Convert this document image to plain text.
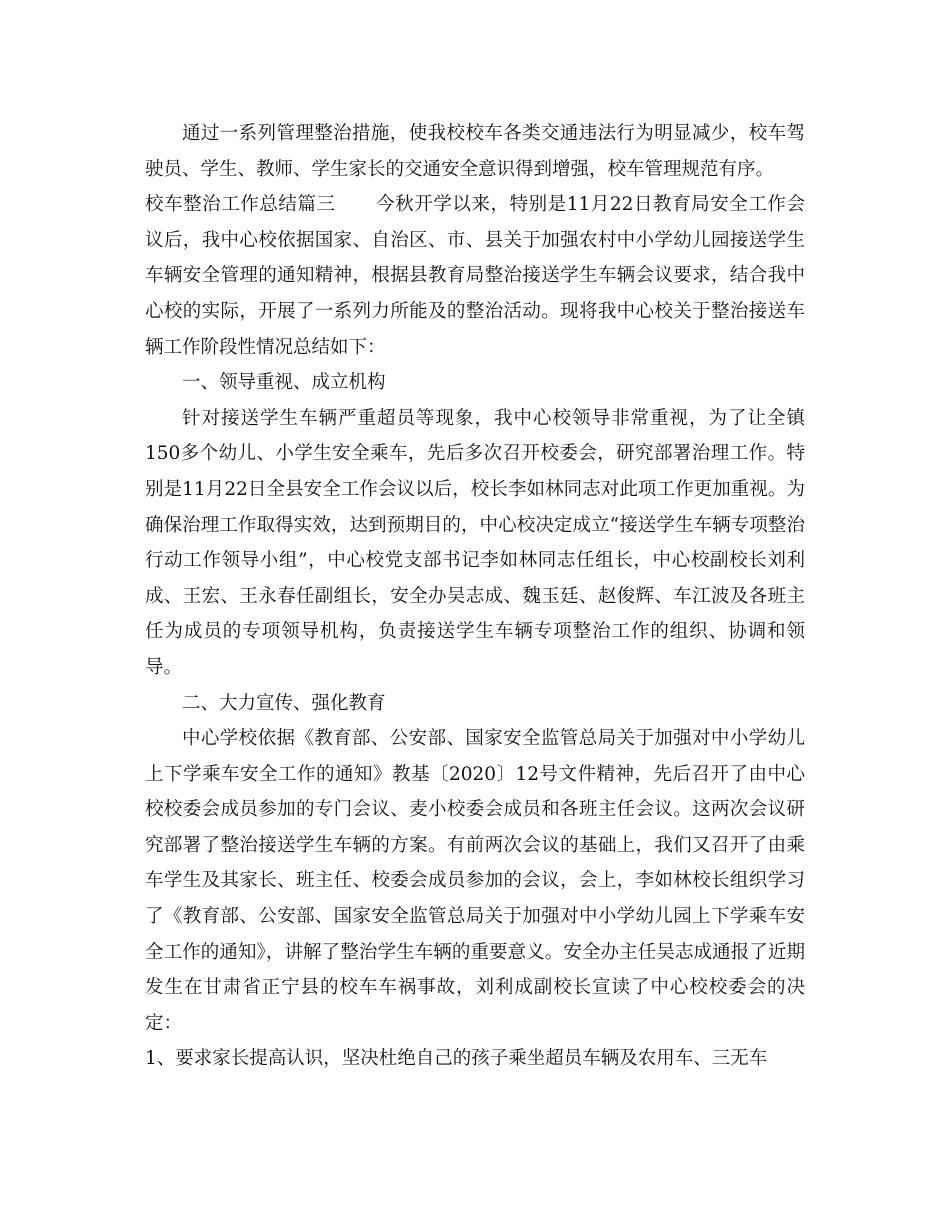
通过一系列管理整治措施，使我校校车各类交通违法行为明显减少，校车驾驶员、学生、教师、学生家长的交通安全意识得到增强，校车管理规范有序。

校车整治工作总结篇三 今秋开学以来，特别是11月22日教育局安全工作会议后，我中心校依据国家、自治区、市、县关于加强农村中小学幼儿园接送学生车辆安全管理的通知精神，根据县教育局整治接送学生车辆会议要求，结合我中心校的实际，开展了一系列力所能及的整治活动。现将我中心校关于整治接送车辆工作阶段性情况总结如下：

一、领导重视、成立机构

针对接送学生车辆严重超员等现象，我中心校领导非常重视，为了让全镇150多个幼儿、小学生安全乘车，先后多次召开校委会，研究部署治理工作。特别是11月22日全县安全工作会议以后，校长李如林同志对此项工作更加重视。为确保治理工作取得实效，达到预期目的，中心校决定成立“接送学生车辆专项整治行动工作领导小组”，中心校党支部书记李如林同志任组长，中心校副校长刘利成、王宏、王永春任副组长，安全办吴志成、魏玉廷、赵俊辉、车江波及各班主任为成员的专项领导机构，负责接送学生车辆专项整治工作的组织、协调和领导。

二、大力宣传、强化教育

中心学校依据《教育部、公安部、国家安全监管总局关于加强对中小学幼儿上下学乘车安全工作的通知》教基〔2020〕12号文件精神，先后召开了由中心校校委会成员参加的专门会议、麦小校委会成员和各班主任会议。这两次会议研究部署了整治接送学生车辆的方案。有前两次会议的基础上，我们又召开了由乘车学生及其家长、班主任、校委会成员参加的会议，会上，李如林校长组织学习了《教育部、公安部、国家安全监管总局关于加强对中小学幼儿园上下学乘车安全工作的通知》，讲解了整治学生车辆的重要意义。安全办主任吴志成通报了近期发生在甘肃省正宁县的校车车祸事故，刘利成副校长宣读了中心校校委会的决定：

1、要求家长提高认识，坚决杜绝自己的孩子乘坐超员车辆及农用车、三无车
